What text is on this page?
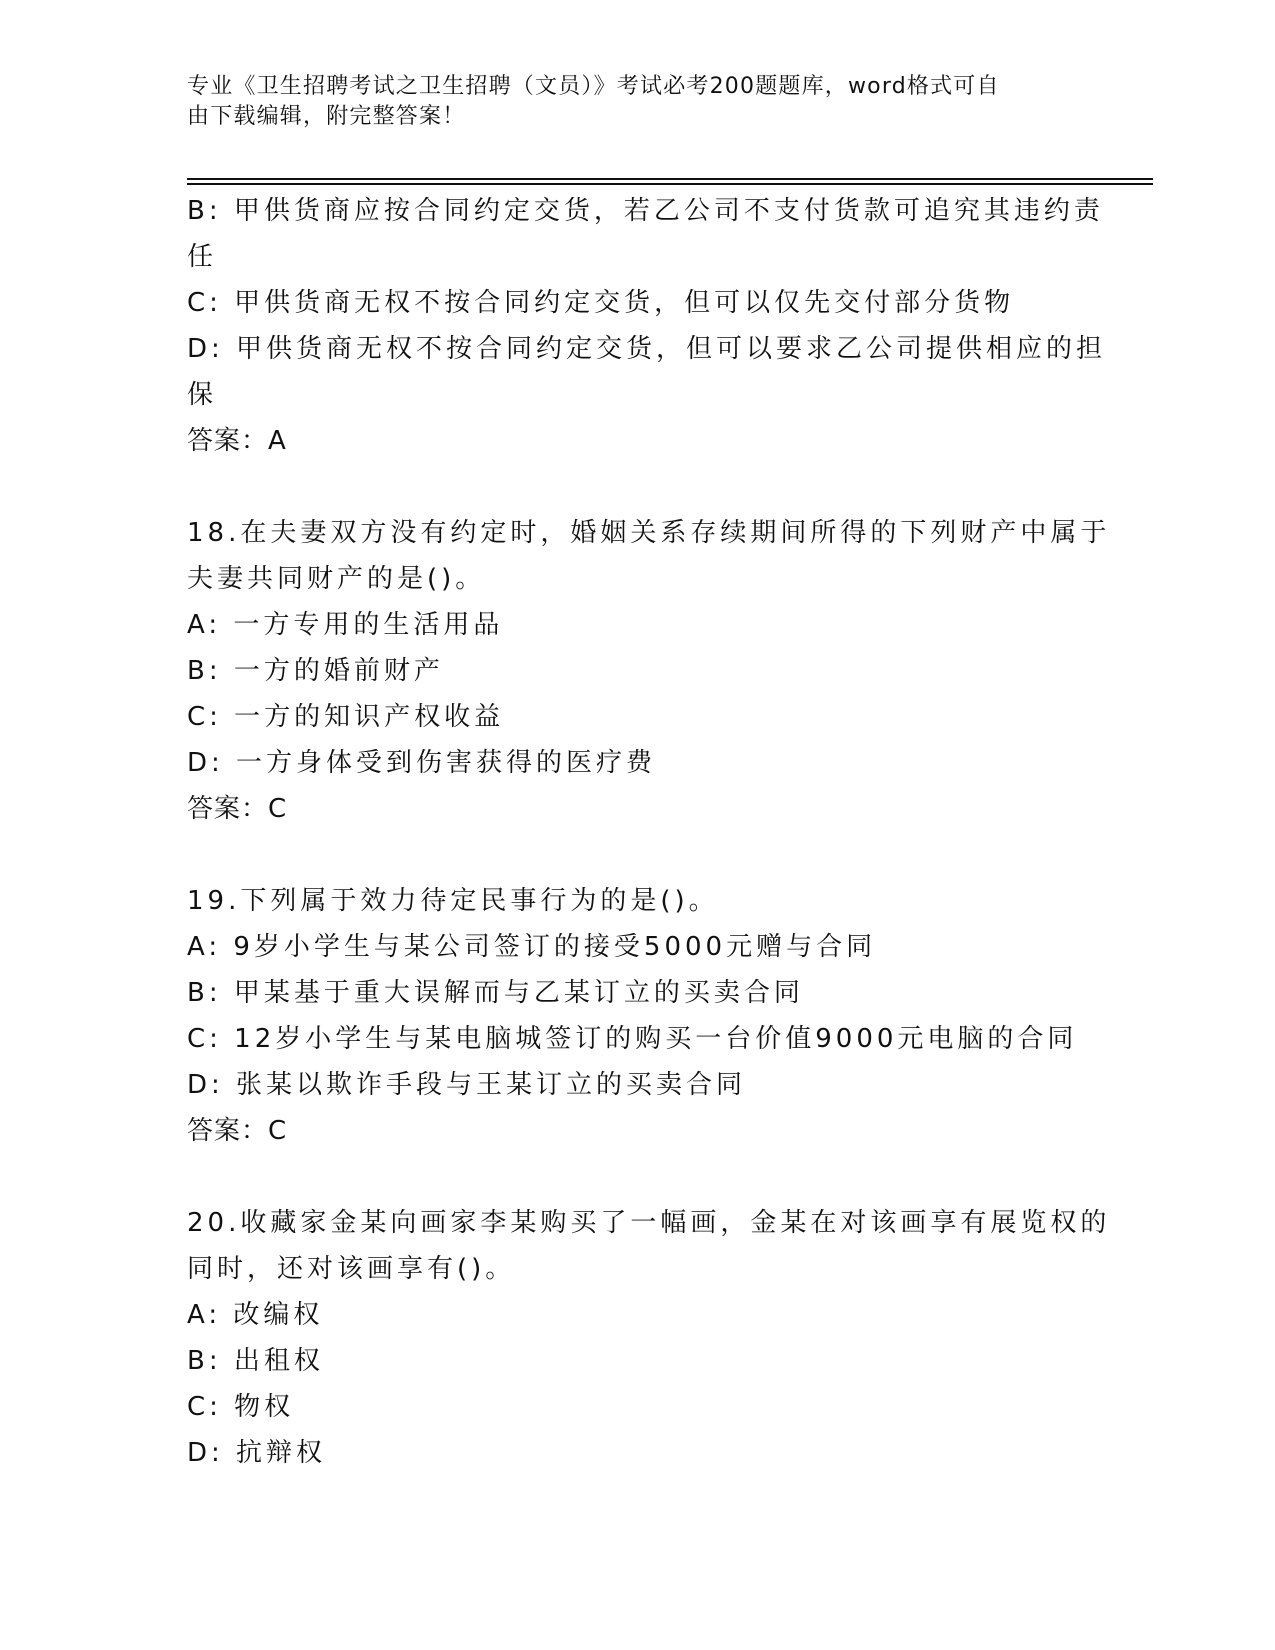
专业《卫生招聘考试之卫生招聘（文员）》考试必考200题题库，word格式可自
由下载编辑，附完整答案！
B: 甲供货商应按合同约定交货，若乙公司不支付货款可追究其违约责
任
C: 甲供货商无权不按合同约定交货，但可以仅先交付部分货物
D: 甲供货商无权不按合同约定交货，但可以要求乙公司提供相应的担
保
答案：A
18.在夫妻双方没有约定时，婚姻关系存续期间所得的下列财产中属于
夫妻共同财产的是()。
A: 一方专用的生活用品
B: 一方的婚前财产
C: 一方的知识产权收益
D: 一方身体受到伤害获得的医疗费
答案：C
19.下列属于效力待定民事行为的是()。
A: 9岁小学生与某公司签订的接受5000元赠与合同
B: 甲某基于重大误解而与乙某订立的买卖合同
C: 12岁小学生与某电脑城签订的购买一台价值9000元电脑的合同
D: 张某以欺诈手段与王某订立的买卖合同
答案：C
20.收藏家金某向画家李某购买了一幅画，金某在对该画享有展览权的
同时，还对该画享有()。
A: 改编权
B: 出租权
C: 物权
D: 抗辩权
